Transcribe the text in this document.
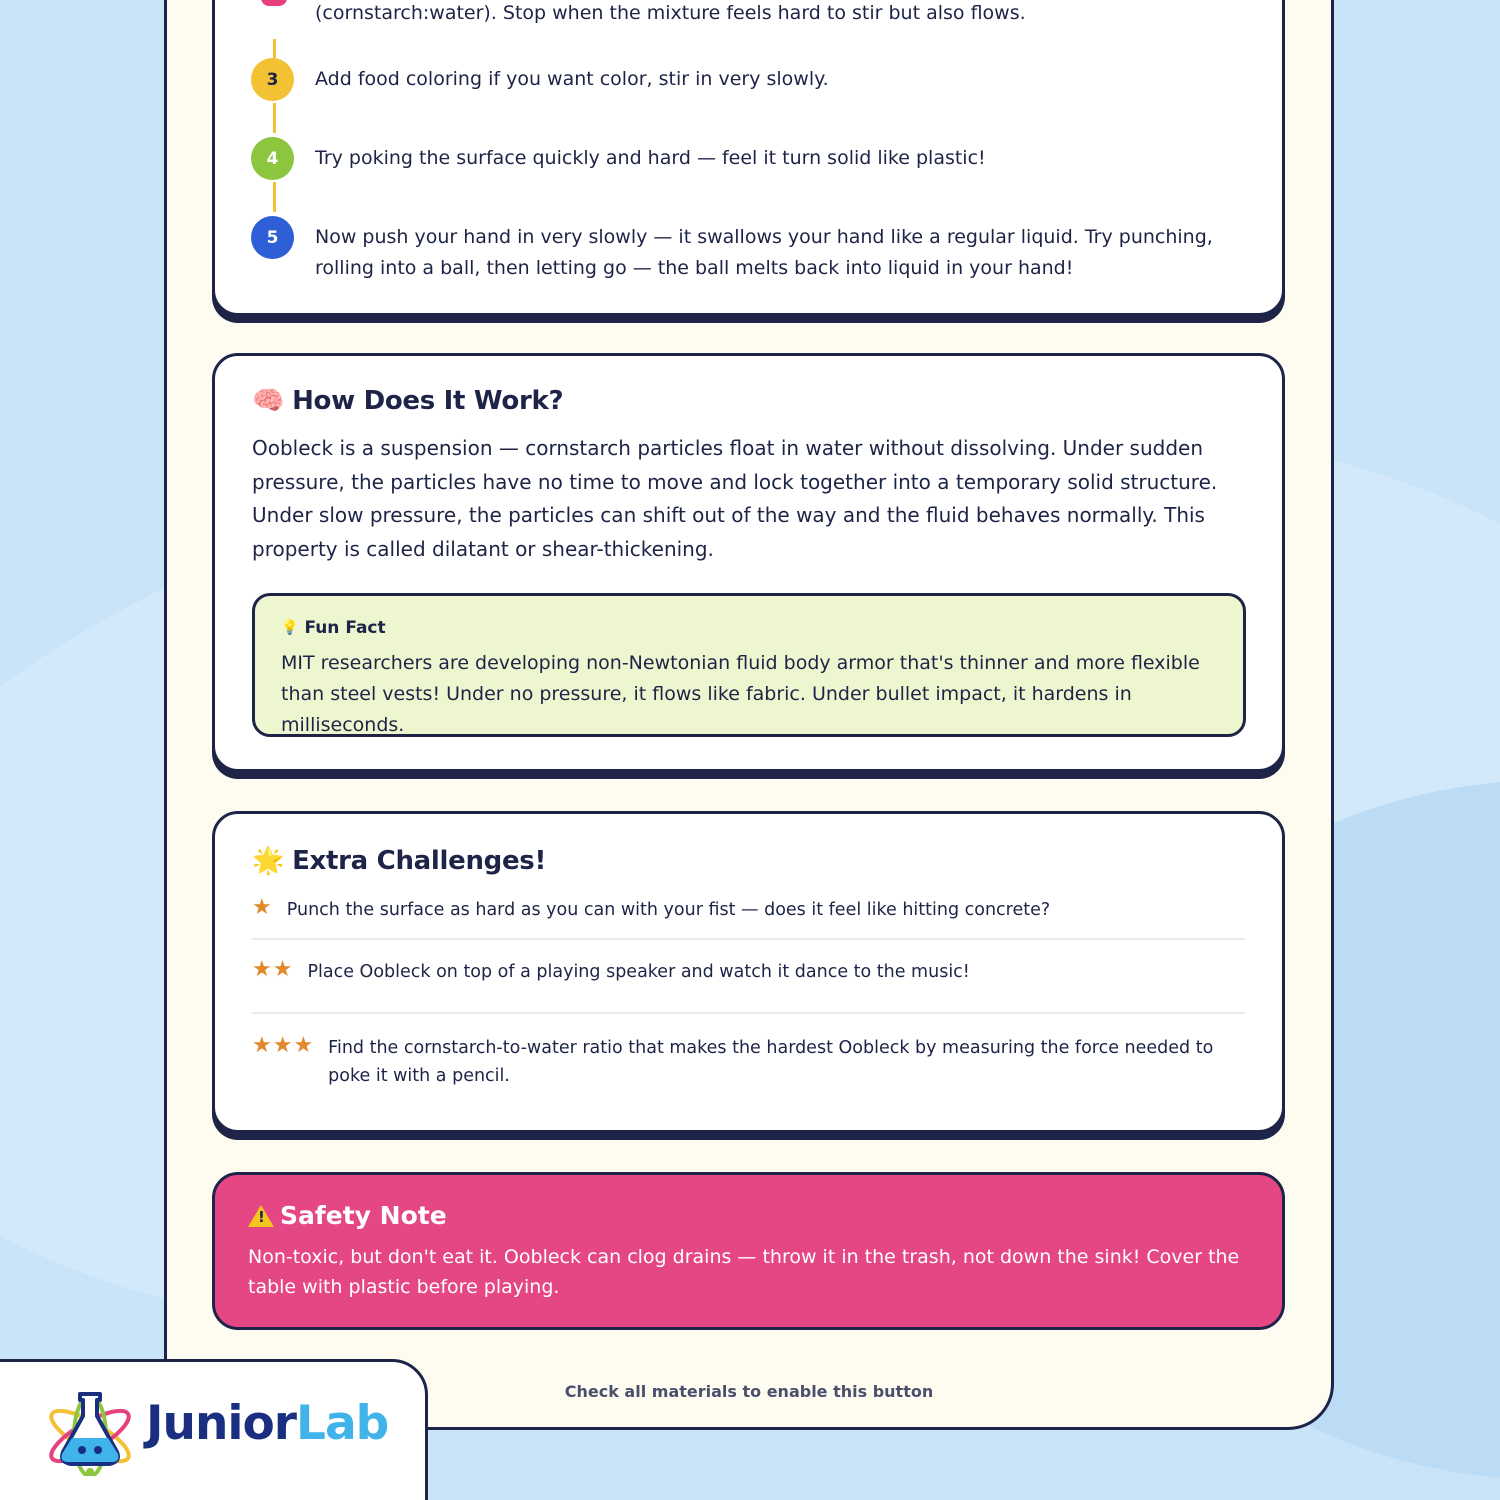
(cornstarch:water). Stop when the mixture feels hard to stir but also flows.
3	Add food coloring if you want color, stir in very slowly.
4	Try poking the surface quickly and hard — feel it turn solid like plastic!
5	Now push your hand in very slowly — it swallows your hand like a regular liquid. Try punching, rolling into a ball, then letting go — the ball melts back into liquid in your hand!
🧠 How Does It Work?

Oobleck is a suspension — cornstarch particles float in water without dissolving. Under sudden pressure, the particles have no time to move and lock together into a temporary solid structure. Under slow pressure, the particles can shift out of the way and the fluid behaves normally. This property is called dilatant or shear-thickening.

💡 Fun Fact

MIT researchers are developing non-Newtonian fluid body armor that's thinner and more flexible than steel vests! Under no pressure, it flows like fabric. Under bullet impact, it hardens in milliseconds.

🌟 Extra Challenges!
★ Punch the surface as hard as you can with your fist — does it feel like hitting concrete?
★★ Place Oobleck on top of a playing speaker and watch it dance to the music!
★★★ Find the cornstarch-to-water ratio that makes the hardest Oobleck by measuring the force needed to poke it with a pencil.
!
Safety Note

Non-toxic, but don't eat it. Oobleck can clog drains — throw it in the trash, not down the sink! Cover the table with plastic before playing.

Check all materials to enable this button
JuniorLab
